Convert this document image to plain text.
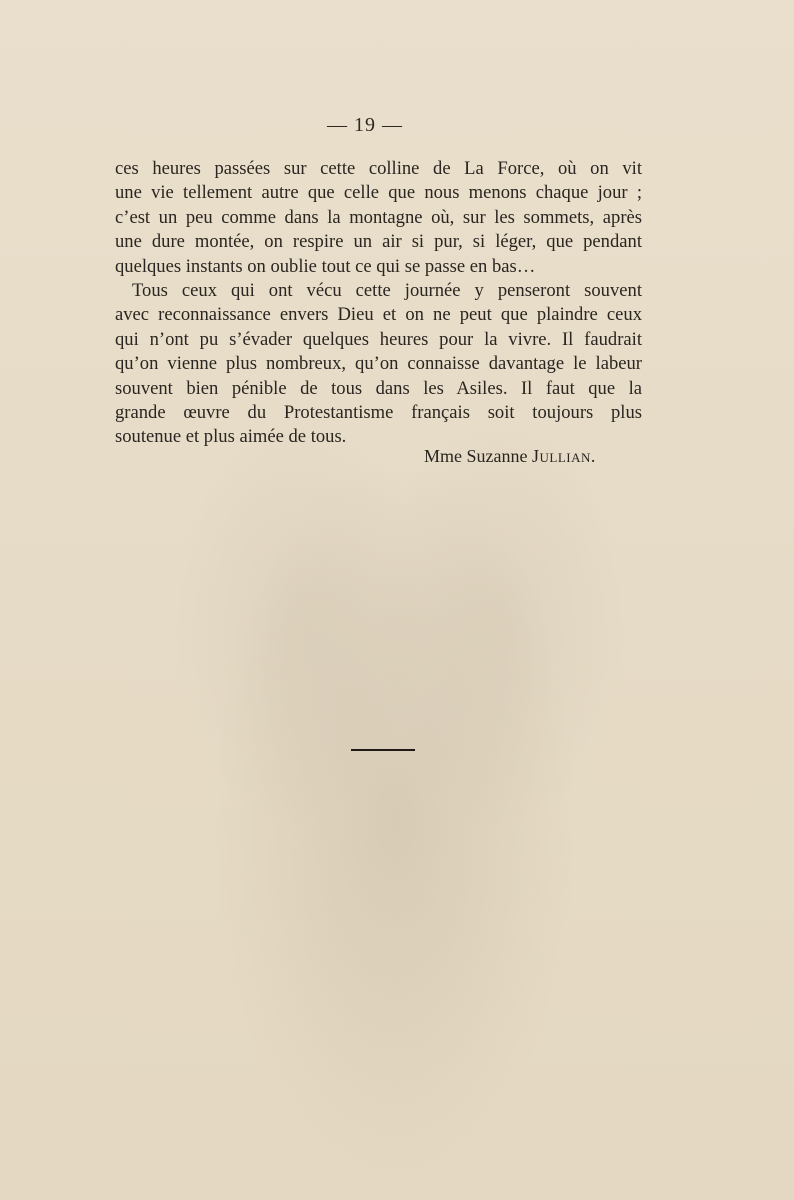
— 19 —
ces heures passées sur cette colline de La Force, où on vit
une vie tellement autre que celle que nous menons chaque jour ;
c’est un peu comme dans la montagne où, sur les sommets, après
une dure montée, on respire un air si pur, si léger, que pendant
quelques instants on oublie tout ce qui se passe en bas…
Tous ceux qui ont vécu cette journée y penseront souvent
avec reconnaissance envers Dieu et on ne peut que plaindre ceux
qui n’ont pu s’évader quelques heures pour la vivre. Il faudrait
qu’on vienne plus nombreux, qu’on connaisse davantage le labeur
souvent bien pénible de tous dans les Asiles. Il faut que la
grande œuvre du Protestantisme français soit toujours plus
soutenue et plus aimée de tous.
Mme Suzanne Jullian.
